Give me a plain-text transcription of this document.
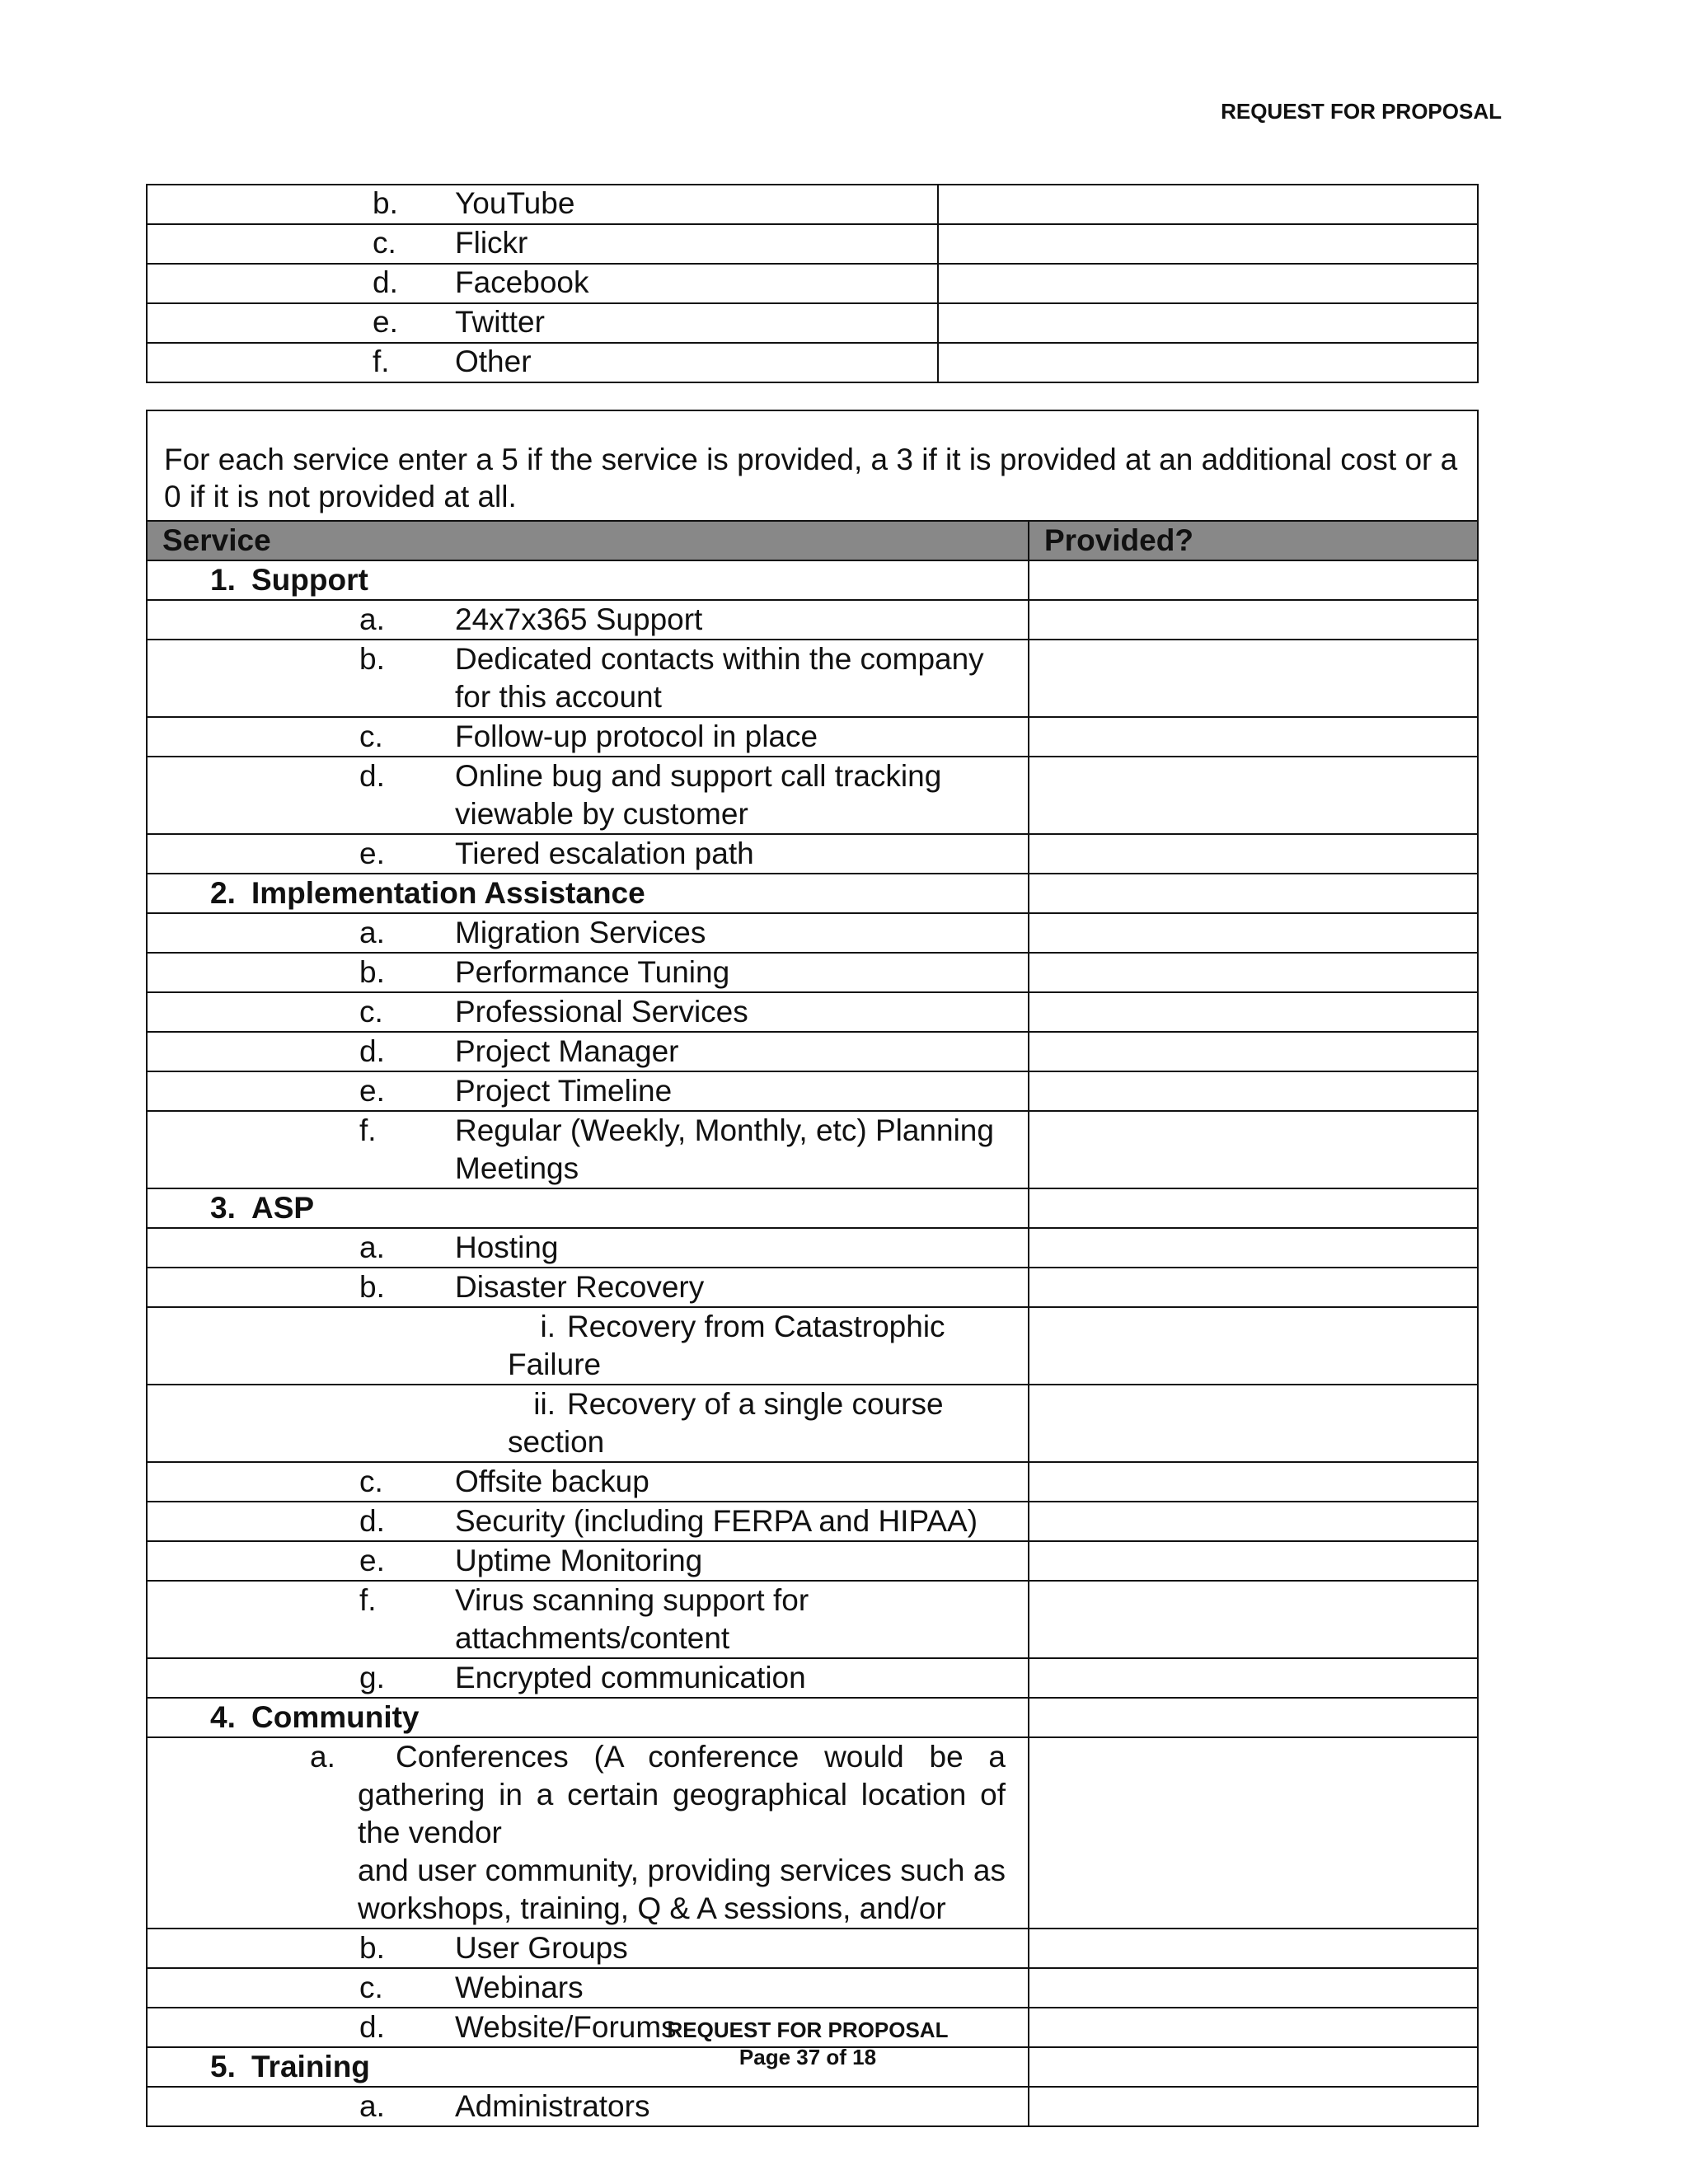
REQUEST FOR PROPOSAL
b. YouTube	
c. Flickr	
d. Facebook	
e. Twitter	
f. Other	
For each service enter a 5 if the service is provided, a 3 if it is provided at an additional cost or a 0 if it is not provided at all.	
Service	Provided?
1. Support	
a. 24x7x365 Support	
b. Dedicated contacts within the company for this account	
c. Follow-up protocol in place	
d. Online bug and support call tracking viewable by customer	
e. Tiered escalation path	
2. Implementation Assistance	
a. Migration Services	
b. Performance Tuning	
c. Professional Services	
d. Project Manager	
e. Project Timeline	
f. Regular (Weekly, Monthly, etc) Planning Meetings	
3. ASP	
a. Hosting	
b. Disaster Recovery	
i. Recovery from Catastrophic Failure	
ii. Recovery of a single course section	
c. Offsite backup	
d. Security (including FERPA and HIPAA)	
e. Uptime Monitoring	
f. Virus scanning support for attachments/content	
g. Encrypted communication	
4. Community	
a. Conferences (A conference would be a gathering in a certain geographical location of the vendor
and user community, providing services such as workshops, training, Q & A sessions, and/or	

b. User Groups	
c. Webinars	
d. Website/Forums	
5. Training	
a. Administrators	
REQUEST FOR PROPOSAL
Page 37 of 18
